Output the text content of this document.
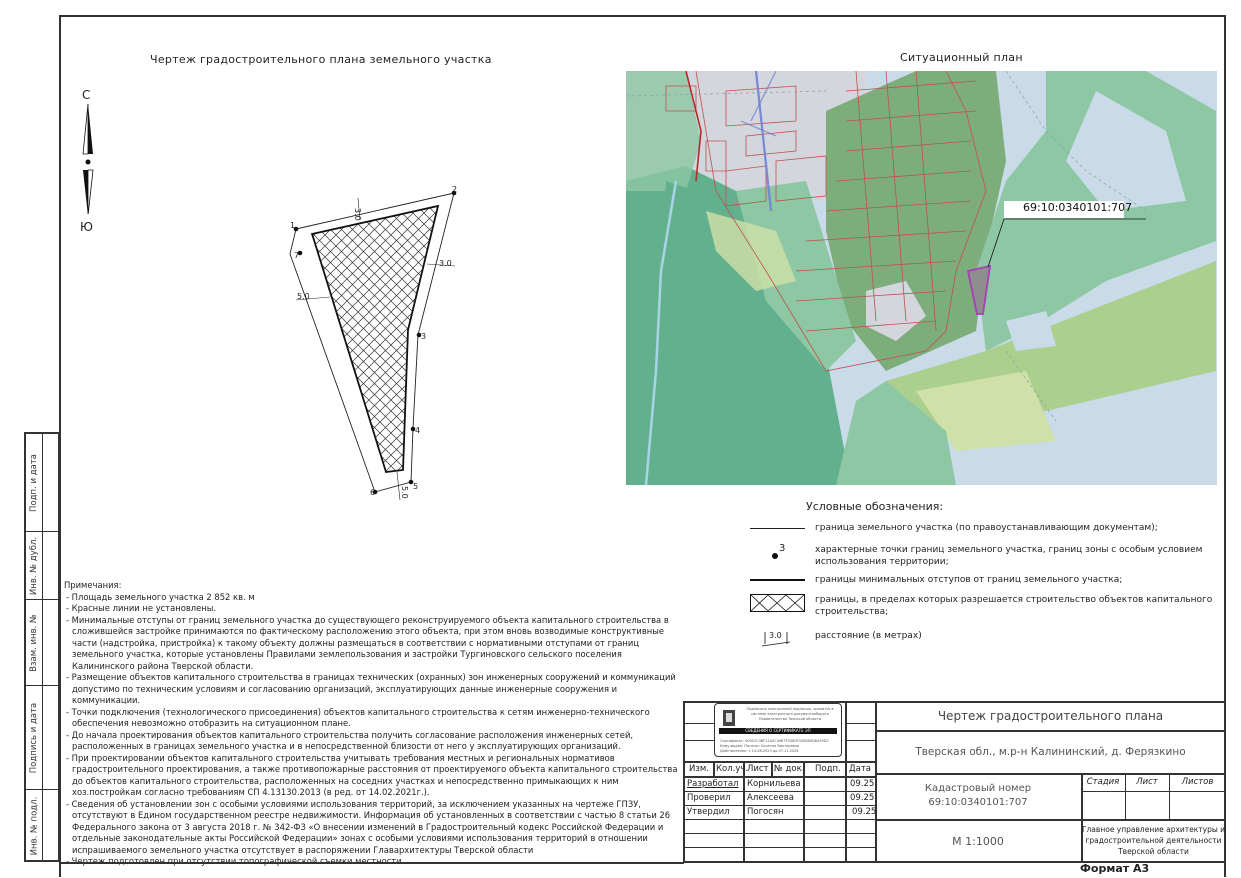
Чертеж градостроительного плана земельного участка	Ситуационный план
С
Ю	1
2
3
4
5
6
7
3.0
3.0
5.0
5.0
69:10:0340101:707
Условные обозначения:
граница земельного участка (по правоустанавливающим документам);
3	характерные точки границ земельного участка, границ зоны с особым условием использования территории;
границы минимальных отступов от границ земельного участка;
границы, в пределах которых разрешается строительство объектов капитального строительства;
3.0	расстояние (в метрах)
Подп. и дата
Инв. № дубл.
Взам. инв. №
Подпись и дата
Инв. № подл.
Примечания:
- Площадь земельного участка 2 852 кв. м
- Красные линии не установлены.
- Минимальные отступы от границ земельного участка до существующего реконструируемого объекта капитального строительства в сложившейся застройке принимаются по фактическому расположению этого объекта, при этом вновь возводимые конструктивные части (надстройка, пристройка) к такому объекту должны размещаться в соответствии с нормативными отступами от границ земельного участка, которые установлены Правилами землепользования и застройки Тургиновского сельского поселения Калининского района Тверской области.
- Размещение объектов капитального строительства в границах технических (охранных) зон инженерных сооружений и коммуникаций допустимо по техническим условиям и согласованию организаций, эксплуатирующих данные инженерные сооружения и коммуникации.
- Точки подключения (технологического присоединения) объектов капитального строительства к сетям инженерно-технического обеспечения невозможно отобразить на ситуационном плане.
- До начала проектирования объектов капитального строительства получить согласование расположения инженерных сетей, расположенных в границах земельного участка и в непосредственной близости от него у эксплуатирующих организаций.
- При проектировании объектов капитального строительства учитывать требования местных и региональных нормативов градостроительного проектирования, а также противопожарные расстояния от проектируемого объекта капитального строительства до объектов капитального строительства, расположенных на соседних участках и непосредственно примыкающих к ним хоз.постройкам согласно требованиям СП 4.13130.2013 (в ред. от 14.02.2021г.).
- Сведения об установлении зон с особыми условиями использования территорий, за исключением указанных на чертеже ГПЗУ, отсутствуют в Едином государственном реестре недвижимости. Информация об установленных в соответствии с частью 8 статьи 26 Федерального закона от 3 августа 2018 г. № 342-ФЗ «О внесении изменений в Градостроительный кодекс Российской Федерации и отдельные законодательные акты Российской Федерации» зонах с особыми условиями использования территорий в отношении испрашиваемого земельного участка отсутствует в распоряжении Главархитектуры Тверской области
- Чертеж подготовлен при отсутствии топографической съемки местности
Изм. Кол.уч.
Лист № док. Подп. Дата
Разработал Корнильева	09.25
Проверил Алексеева	09.25
Утвердил Погосян	09.25
Чертеж градостроительного плана
Тверская обл., м.р-н Калининский, д. Ферязкино
Кадастровый номер
69:10:0340101:707
Стадия	Лист	Листов
М 1:1000
Главное управление архитектуры и
градостроительной деятельности
Тверской области
Подписано электронной подписью, хранится в системе электронного документооборота Правительства Тверской области
СВЕДЕНИЯ О СЕРТИФИКАТЕ ЭП
Сертификат: 00001C4BF11A0C4987F0080F05E8B0D8439D2
Кому выдан: Погосян Оксанна Викторовна
Действителен: с 14.08.2023 до 07.11.2026
Формат А3
